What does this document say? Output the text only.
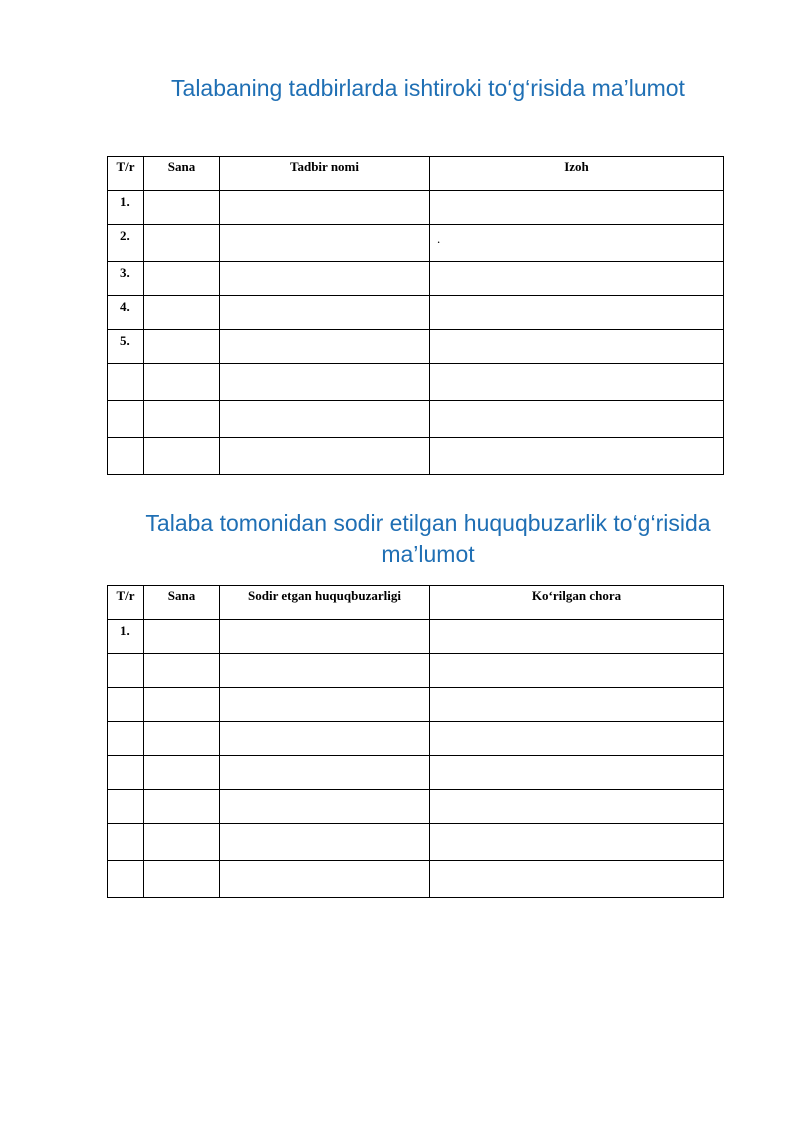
Talabaning tadbirlarda ishtiroki to‘g‘risida ma’lumot
T/r	Sana	Tadbir nomi	Izoh
1.			
2.			.
3.			
4.			
5.			

Talaba tomonidan sodir etilgan huquqbuzarlik to‘g‘risida ma’lumot
T/r	Sana	Sodir etgan huquqbuzarligi	Ko‘rilgan chora
1.			
